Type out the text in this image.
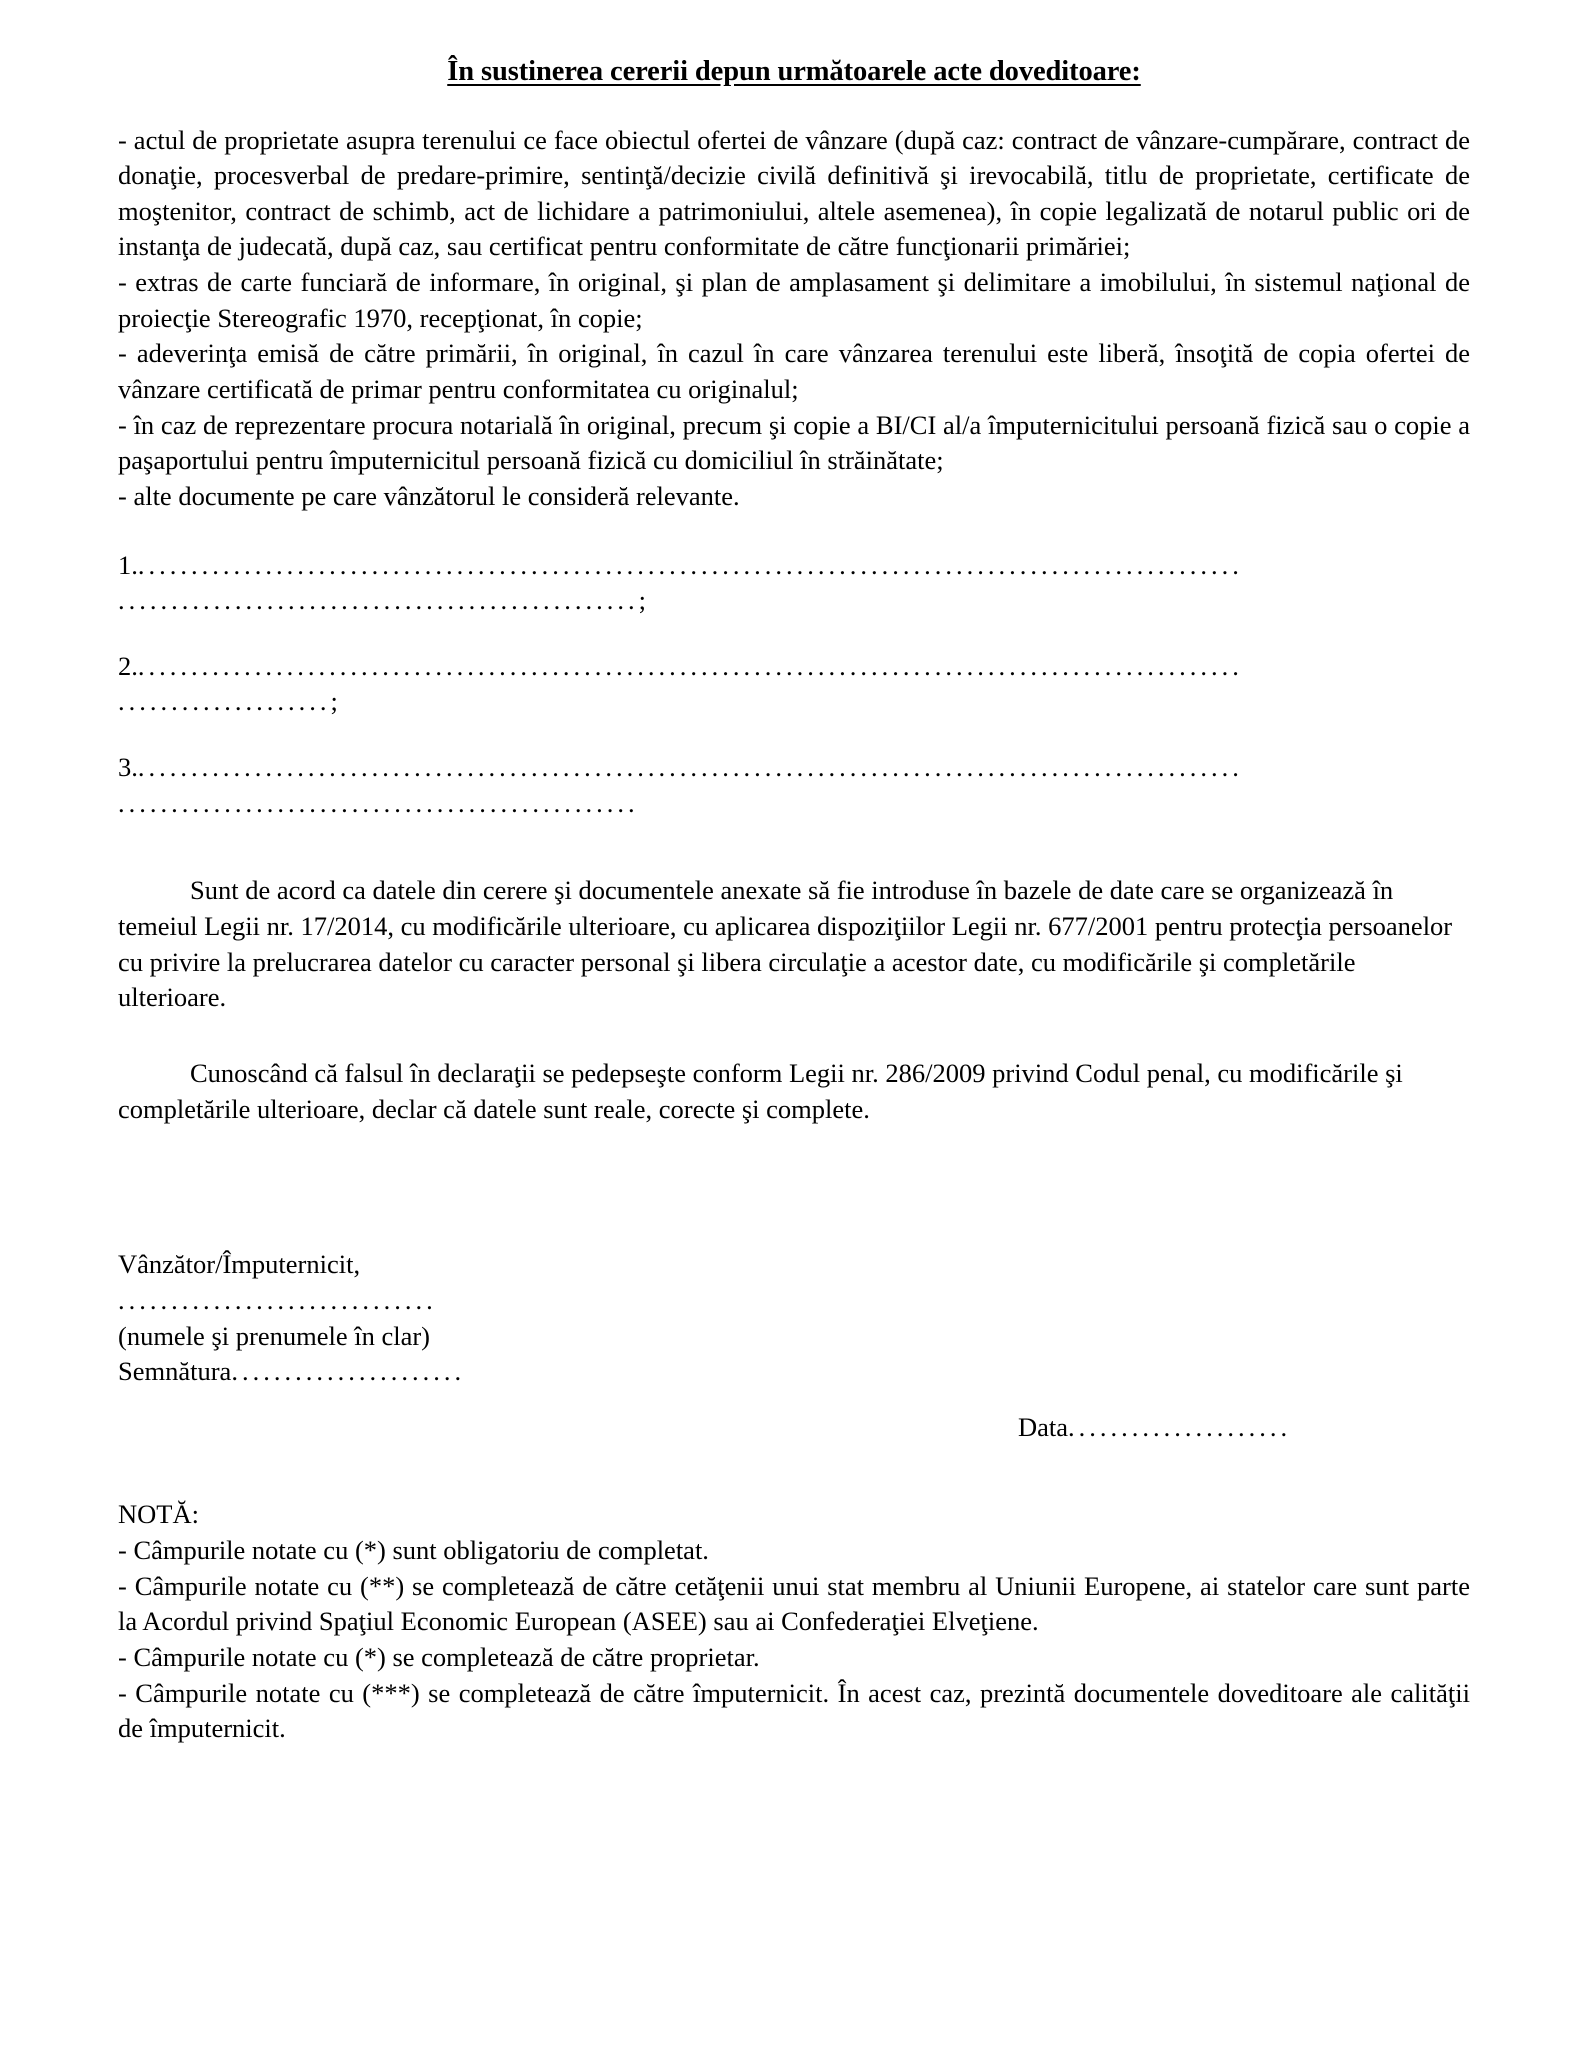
În sustinerea cererii depun următoarele acte doveditoare:

- actul de proprietate asupra terenului ce face obiectul ofertei de vânzare (după caz: contract de vânzare-cumpărare, contract de donaţie, procesverbal de predare-primire, sentinţă/decizie civilă definitivă şi irevocabilă, titlu de proprietate, certificate de moştenitor, contract de schimb, act de lichidare a patrimoniului, altele asemenea), în copie legalizată de notarul public ori de instanţa de judecată, după caz, sau certificat pentru conformitate de către funcţionarii primăriei;

- extras de carte funciară de informare, în original, şi plan de amplasament şi delimitare a imobilului, în sistemul naţional de proiecţie Stereografic 1970, recepţionat, în copie;

- adeverinţa emisă de către primării, în original, în cazul în care vânzarea terenului este liberă, însoţită de copia ofertei de vânzare certificată de primar pentru conformitatea cu originalul;

- în caz de reprezentare procura notarială în original, precum şi copie a BI/CI al/a împuternicitului persoană fizică sau o copie a paşaportului pentru împuternicitul persoană fizică cu domiciliul în străinătate;

- alte documente pe care vânzătorul le consideră relevante.

1.........................................................................................................
.................................................;
2.........................................................................................................
....................;
3.........................................................................................................
.................................................

Sunt de acord ca datele din cerere şi documentele anexate să fie introduse în bazele de date care se organizează în temeiul Legii nr. 17/2014, cu modificările ulterioare, cu aplicarea dispoziţiilor Legii nr. 677/2001 pentru protecţia persoanelor cu privire la prelucrarea datelor cu caracter personal şi libera circulaţie a acestor date, cu modificările şi completările ulterioare.

Cunoscând că falsul în declaraţii se pedepseşte conform Legii nr. 286/2009 privind Codul penal, cu modificările şi completările ulterioare, declar că datele sunt reale, corecte şi complete.

Vânzător/Împuternicit,
..............................
(numele şi prenumele în clar)
Semnătura......................
Data.....................

NOTĂ:

- Câmpurile notate cu (*) sunt obligatoriu de completat.

- Câmpurile notate cu (**) se completează de către cetăţenii unui stat membru al Uniunii Europene, ai statelor care sunt parte la Acordul privind Spaţiul Economic European (ASEE) sau ai Confederaţiei Elveţiene.

- Câmpurile notate cu (*) se completează de către proprietar.

- Câmpurile notate cu (***) se completează de către împuternicit. În acest caz, prezintă documentele doveditoare ale calităţii de împuternicit.
